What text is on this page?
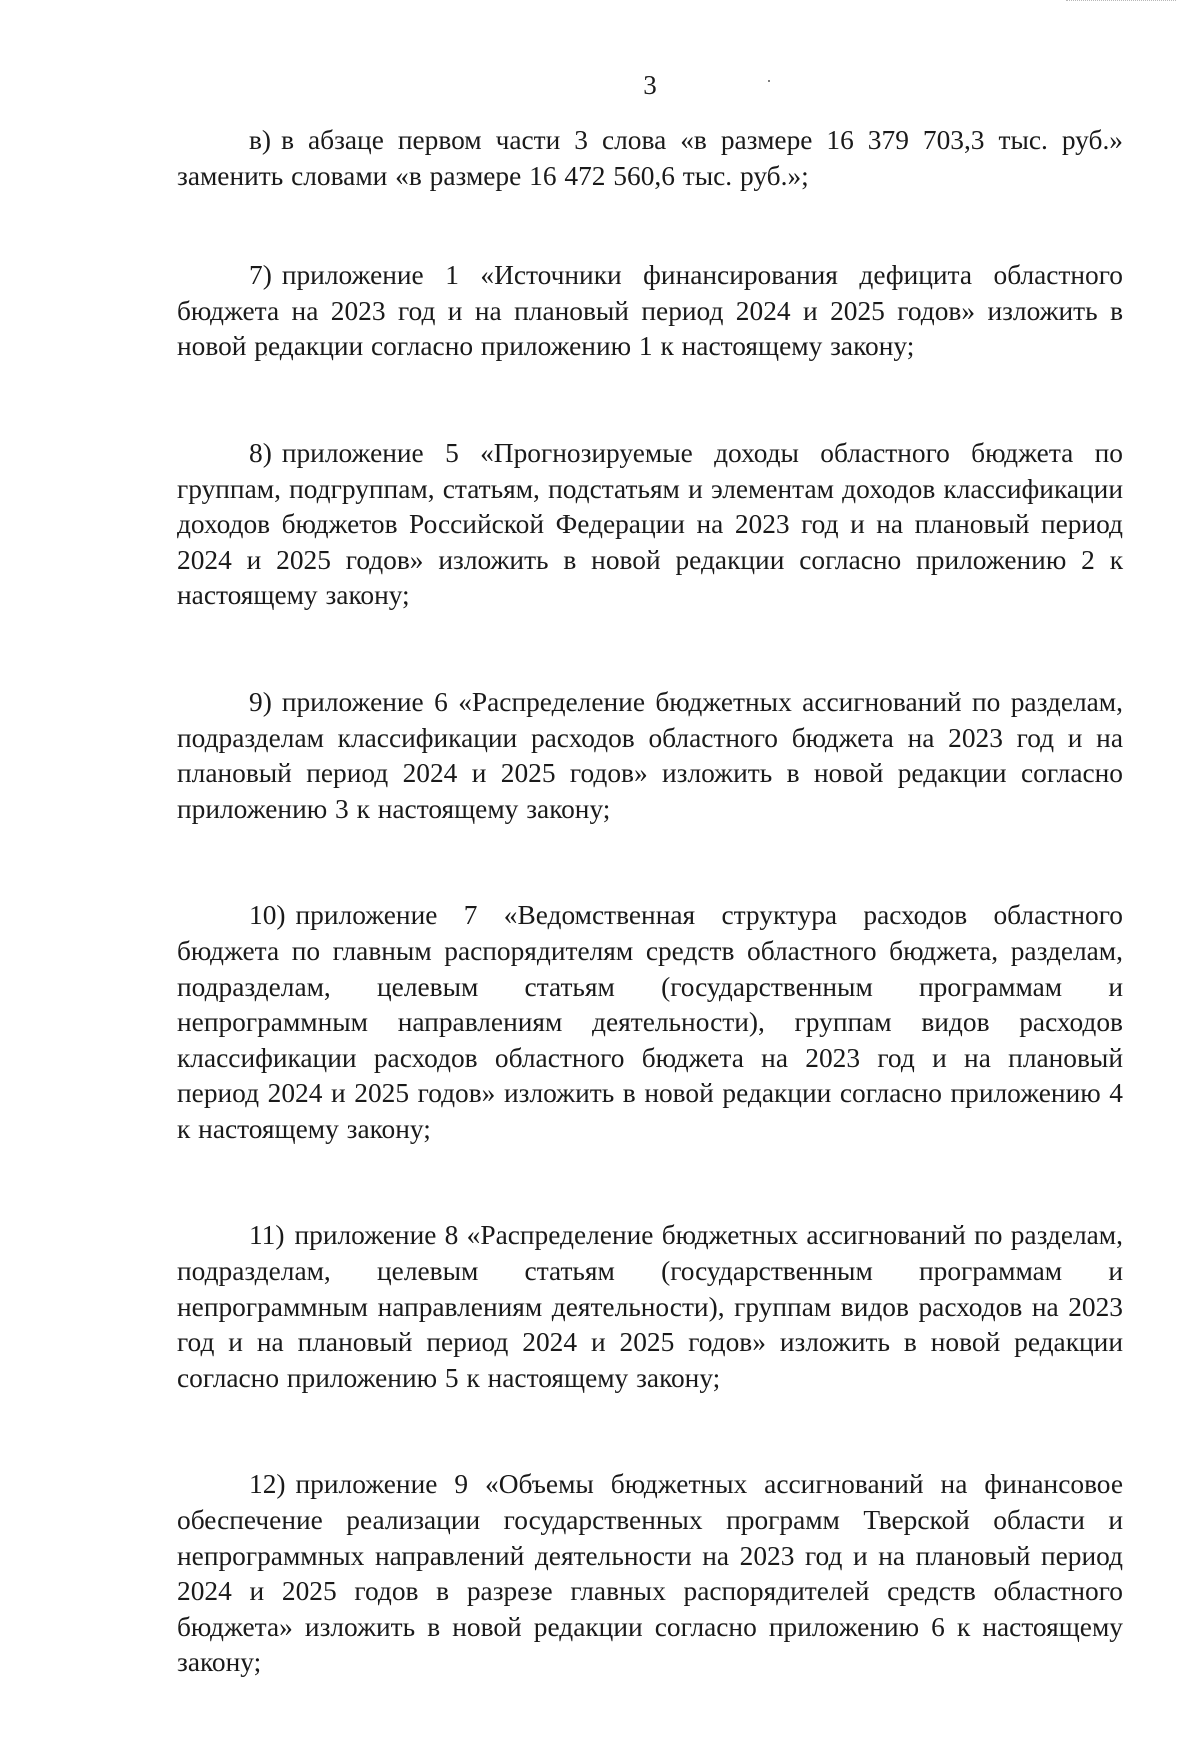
3

в) в абзаце первом части 3 слова «в размере 16 379 703,3 тыс. руб.» заменить словами «в размере 16 472 560,6 тыс. руб.»;

7) приложение 1 «Источники финансирования дефицита областного бюджета на 2023 год и на плановый период 2024 и 2025 годов» изложить в новой редакции согласно приложению 1 к настоящему закону;

8) приложение 5 «Прогнозируемые доходы областного бюджета по группам, подгруппам, статьям, подстатьям и элементам доходов классификации доходов бюджетов Российской Федерации на 2023 год и на плановый период 2024 и 2025 годов» изложить в новой редакции согласно приложению 2 к настоящему закону;

9) приложение 6 «Распределение бюджетных ассигнований по разделам, подразделам классификации расходов областного бюджета на 2023 год и на плановый период 2024 и 2025 годов» изложить в новой редакции согласно приложению 3 к настоящему закону;

10) приложение 7 «Ведомственная структура расходов областного бюджета по главным распорядителям средств областного бюджета, разделам, подразделам, целевым статьям (государственным программам и непрограммным направлениям деятельности), группам видов расходов классификации расходов областного бюджета на 2023 год и на плановый период 2024 и 2025 годов» изложить в новой редакции согласно приложению 4 к настоящему закону;

11) приложение 8 «Распределение бюджетных ассигнований по разделам, подразделам, целевым статьям (государственным программам и непрограммным направлениям деятельности), группам видов расходов на 2023 год и на плановый период 2024 и 2025 годов» изложить в новой редакции согласно приложению 5 к настоящему закону;

12) приложение 9 «Объемы бюджетных ассигнований на финансовое обеспечение реализации государственных программ Тверской области и непрограммных направлений деятельности на 2023 год и на плановый период 2024 и 2025 годов в разрезе главных распорядителей средств областного бюджета» изложить в новой редакции согласно приложению 6 к настоящему закону;
